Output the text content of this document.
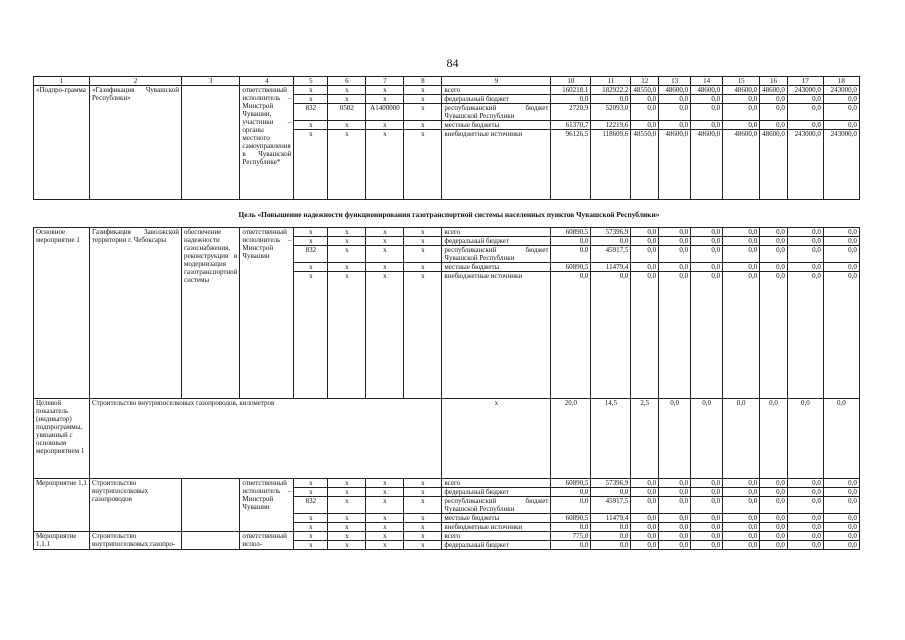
84
1	2	3	4	5	6	7	8	9	10	11	12	13	14	15	16	17	18
«Подпро-грамма	«Газификация Чувашской Республики»		ответственный исполнитель – Минстрой Чувашии, участники – органы местного самоуправления в Чувашской Республике*	x	x	x	x	всего	160218,1	182922,2	48550,0	48600,0	48600,0	48600,0	48600,0	243000,0	243000,0
				x	x	x	x	федеральный бюджет	0,0	0,0	0,0	0,0	0,0	0,0	0,0	0,0	0,0
				832	0502	А1400000	x	республиканский бюджет Чувашской Республики	2720,9	52093,0	0,0	0,0	0,0	0,0	0,0	0,0	0,0
				x	x	x	x	местные бюджеты	61370,7	12219,6	0,0	0,0	0,0	0,0	0,0	0,0	0,0
				x	x	x	x	внебюджетные источники	96126,5	118609,6	48550,0	48600,0	48600,0	48600,0	48600,0	243000,0	243000,0

Основное мероприятие 1	Газификация Заволжской территории г. Чебоксары	обеспечение надежности газоснабжения, реконструкция и модернизация газотранспортной системы	ответственный исполнитель – Минстрой Чувашии	x	x	x	x	всего	60890,5	57396,9	0,0	0,0	0,0	0,0	0,0	0,0	0,0
				x	x	x	x	федеральный бюджет	0,0	0,0	0,0	0,0	0,0	0,0	0,0	0,0	0,0
				832	x	x	x	республиканский бюджет Чувашской Республики	0,0	45917,5	0,0	0,0	0,0	0,0	0,0	0,0	0,0
				x	x	x	x	местные бюджеты	60890,5	11479,4	0,0	0,0	0,0	0,0	0,0	0,0	0,0
				x	x	x	x	внебюджетные источники	0,0	0,0	0,0	0,0	0,0	0,0	0,0	0,0	0,0
Целевой показатель (индикатор) подпрограммы, увязанный с основным мероприятием 1	Строительство внутрипоселковых газопроводов, километров							x	20,0	14,5	2,5	0,0	0,0	0,0	0,0	0,0	0,0
Мероприятие 1.1	Строительство внутрипоселковых газопроводов		ответственный исполнитель – Минстрой Чувашии	x	x	x	x	всего	60890,5	57396,9	0,0	0,0	0,0	0,0	0,0	0,0	0,0
				x	x	x	x	федеральный бюджет	0,0	0,0	0,0	0,0	0,0	0,0	0,0	0,0	0,0
				832	x	x	x	республиканский бюджет Чувашской Республики	0,0	45917,5	0,0	0,0	0,0	0,0	0,0	0,0	0,0
				x	x	x	x	местные бюджеты	60890,5	11479,4	0,0	0,0	0,0	0,0	0,0	0,0	0,0
				x	x	x	x	внебюджетные источники	0,0	0,0	0,0	0,0	0,0	0,0	0,0	0,0	0,0
Мероприятие 1.1.1	Строительство внутрипоселковых газопро-		ответственный испол-	x	x	x	x	всего	775,0	0,0	0,0	0,0	0,0	0,0	0,0	0,0	0,0
				x	x	x	x	федеральный бюджет	0,0	0,0	0,0	0,0	0,0	0,0	0,0	0,0	0,0
Цель «Повышение надежности функционирования газотранспортной системы населенных пунктов Чувашской Республики»
